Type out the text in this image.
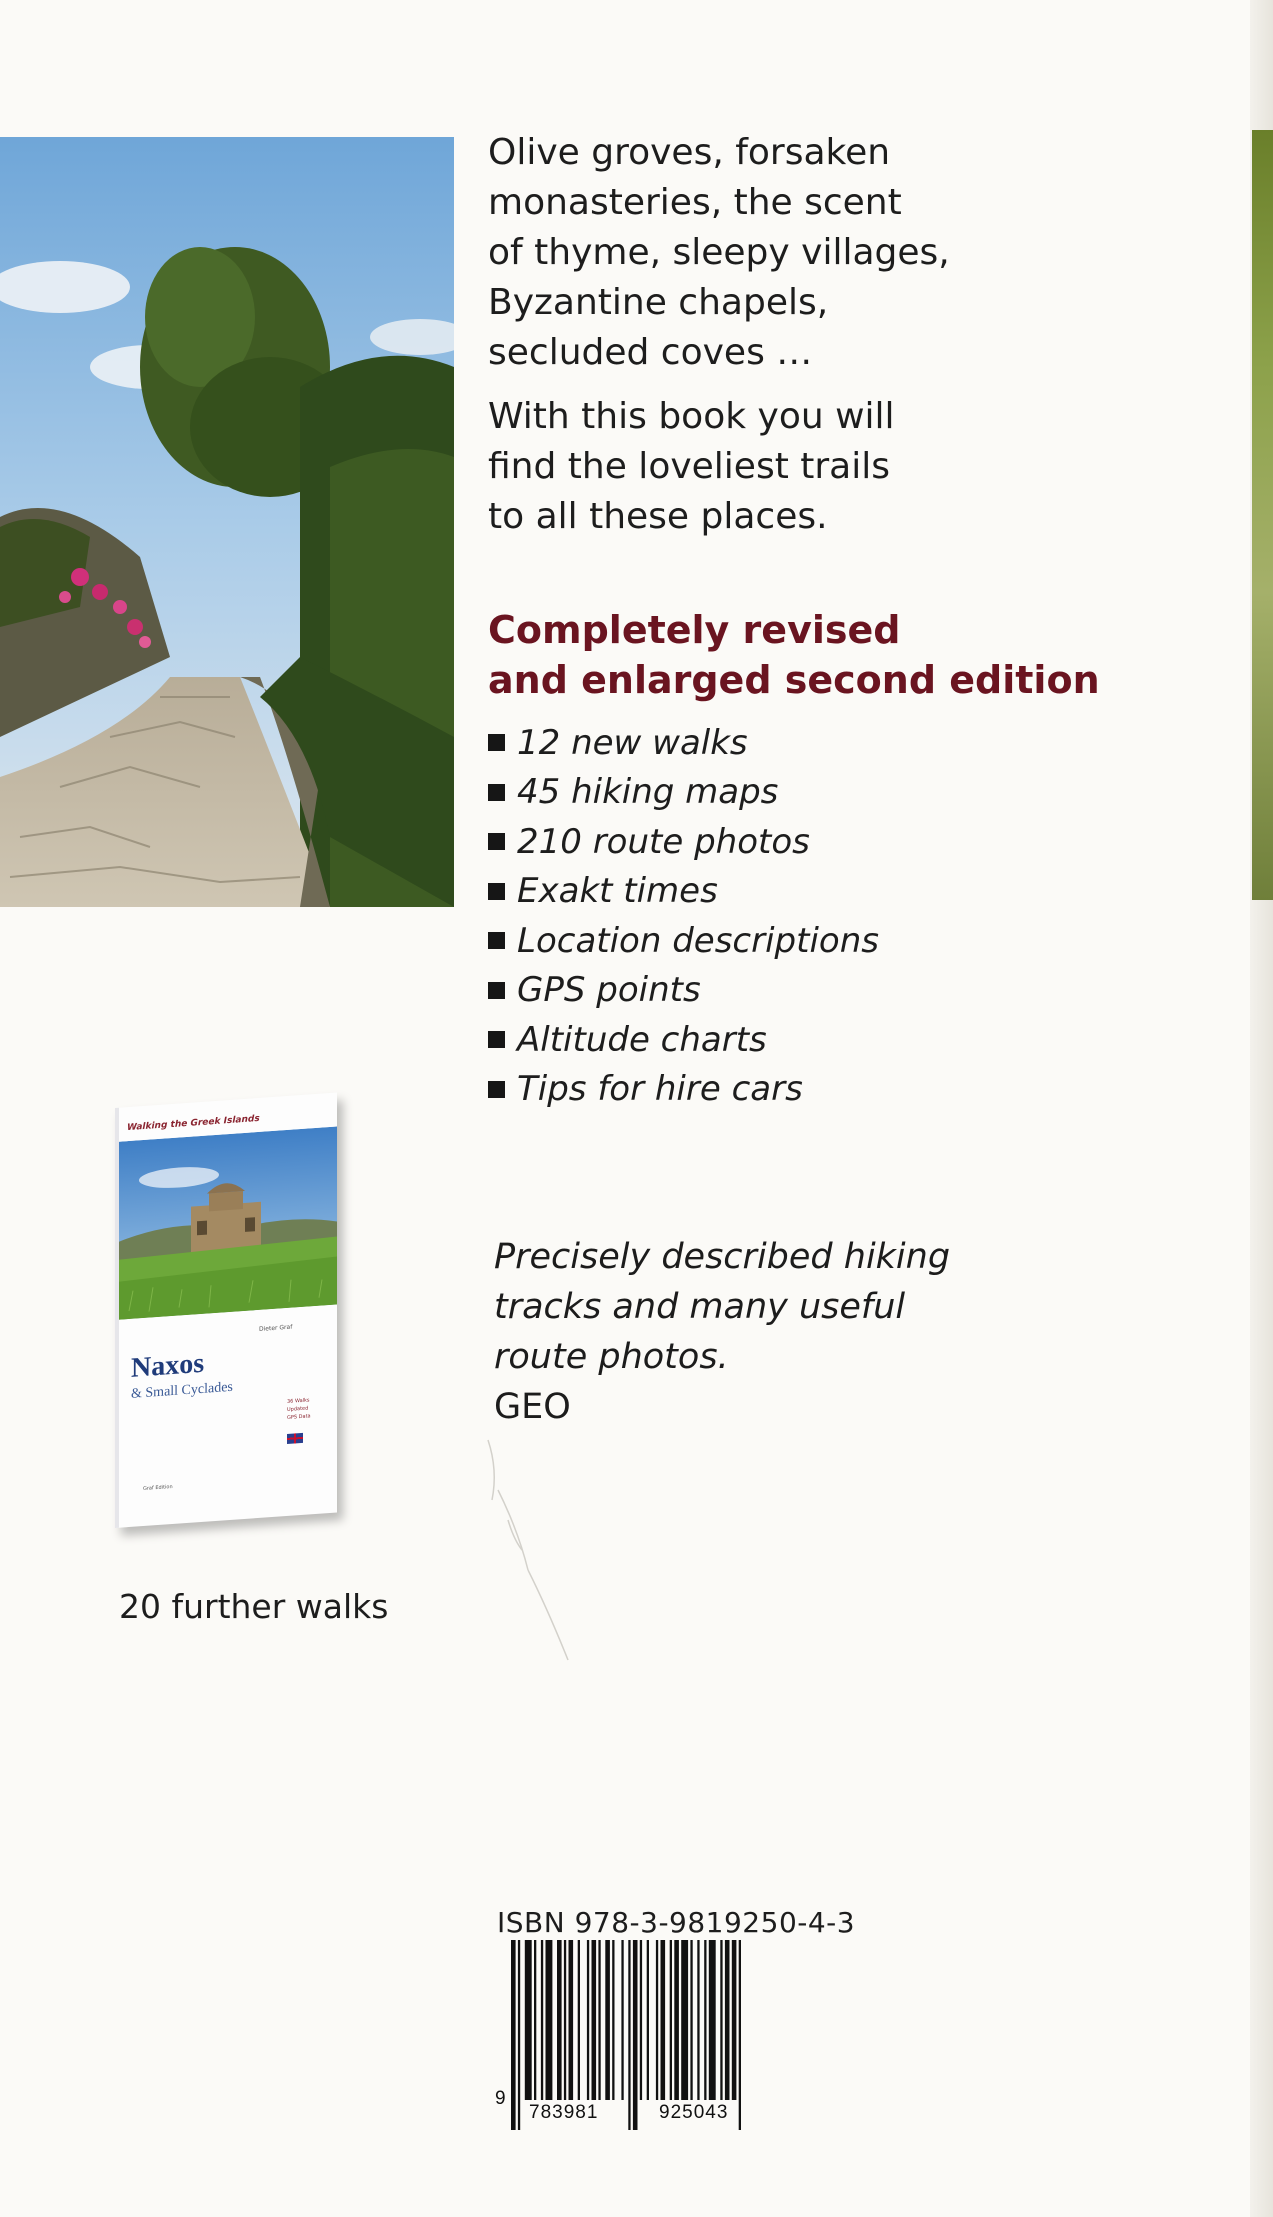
Olive groves, forsaken
monasteries, the scent
of thyme, sleepy villages,
Byzantine chapels,
secluded coves …

With this book you will
find the loveliest trails
to all these places.

Completely revised
and enlarged second edition
12 new walks
45 hiking maps
210 route photos
Exakt times
Location descriptions
GPS points
Altitude charts
Tips for hire cars
Walking the Greek Islands
Dieter Graf
Naxos
& Small Cyclades	36 Walks
Updated
GPS Data
Graf Edition
20 further walks
Precisely described hiking
tracks and many useful
route photos.
GEO
ISBN 978-3-9819250-4-3
9
783981	925043
